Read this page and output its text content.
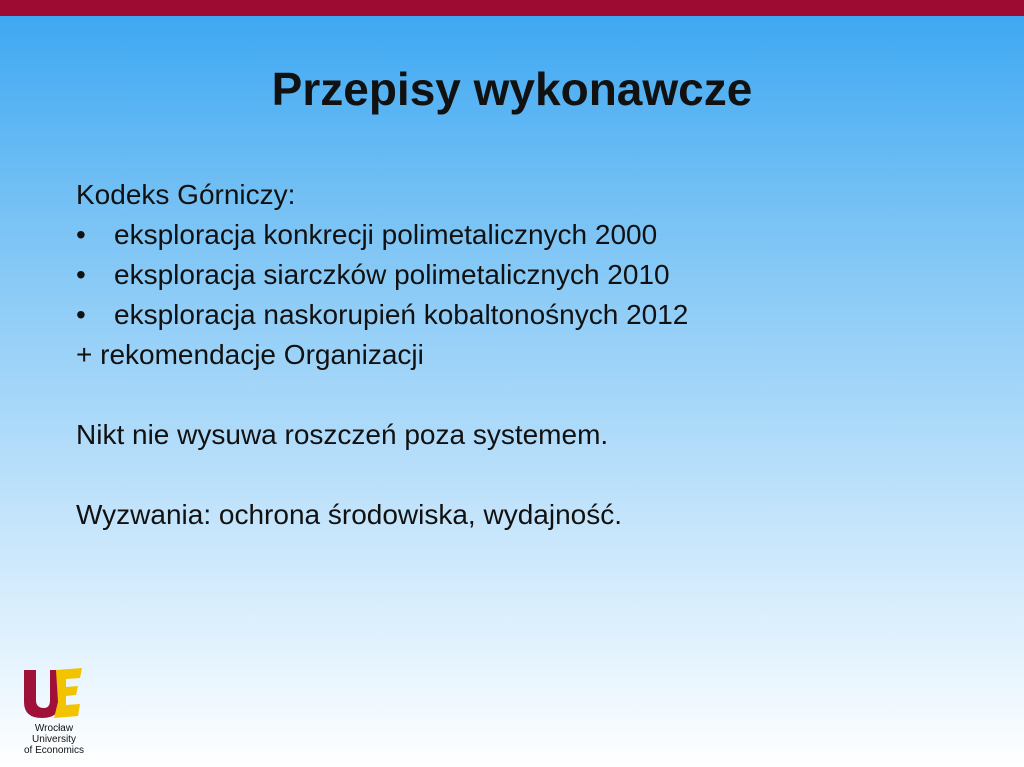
Przepisy wykonawcze
Kodeks Górniczy:
•	eksploracja konkrecji polimetalicznych 2000
•	eksploracja siarczków polimetalicznych 2010
•	eksploracja naskorupień kobaltonośnych 2012
+ rekomendacje Organizacji
Nikt nie wysuwa roszczeń poza systemem.
Wyzwania: ochrona środowiska, wydajność.
Wrocław
University
of Economics
